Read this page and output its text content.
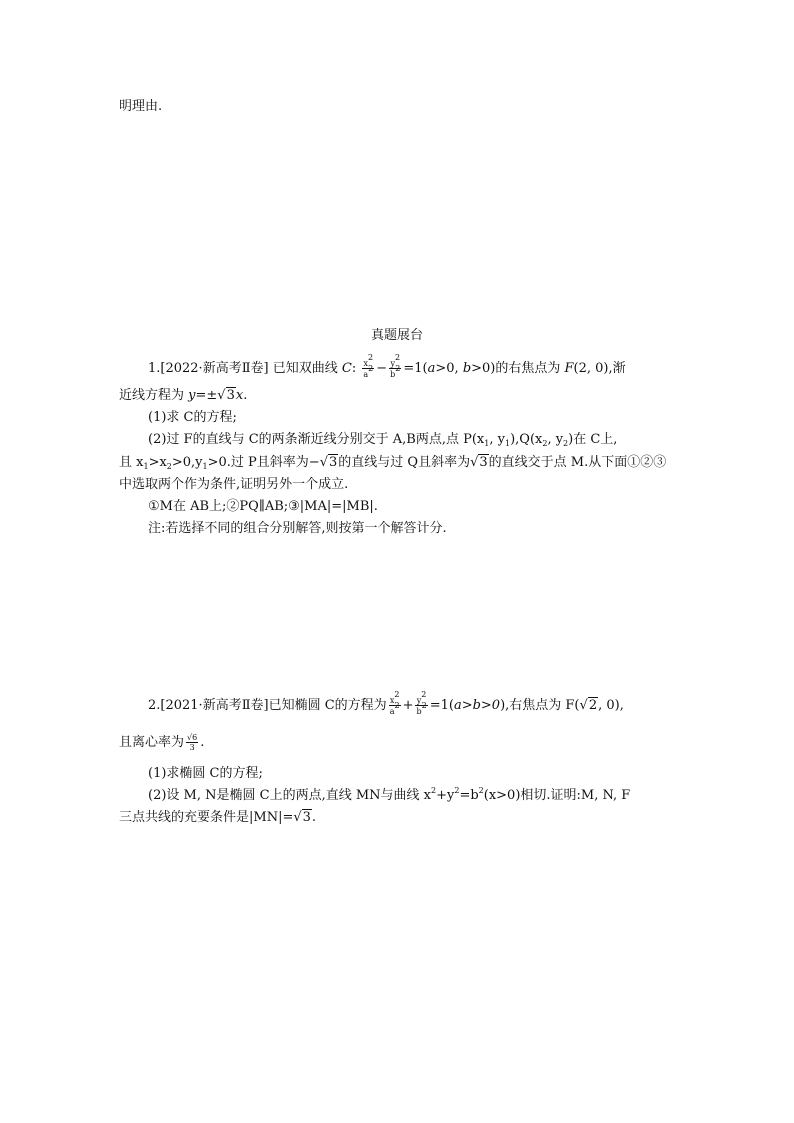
明理由.
真题展台
1.[2022·新高考Ⅱ卷] 已知双曲线 C: $\frac{x^2}{a^2} - \frac{y^2}{b^2} =1(a>0$, b>0)的右焦点为 F(2, 0),渐
近线方程为 y=±√3x.
(1)求 C的方程;
(2)过 F的直线与 C的两条渐近线分别交于 A,B两点,点 $P(x_1$, $y_1),Q(x_2$, $y_2$)在 C上,
且 $x_1>x_2>0,y_1>0$.过 P且斜率为−√3的直线与过 Q且斜率为√3的直线交于点 M.从下面①②③
中选取两个作为条件,证明另外一个成立.
①M在 AB上;②PQ∥AB;③|MA|=|MB|.
注:若选择不同的组合分别解答,则按第一个解答计分.
2.[2021·新高考Ⅱ卷]已知椭圆 C的方程为 $\frac{x^2}{a^2} + \frac{y^2}{b^2} =1(a>b>0)$,右焦点为 F(√2, 0),
且离心率为 $\frac{√6}{3}$ .
(1)求椭圆 C的方程;
(2)设 M, N是椭圆 C上的两点,直线 MN与曲线 $x^2+y^2=b^2(x>0)$相切.证明:M, N, F
三点共线的充要条件是|MN|=√3.
